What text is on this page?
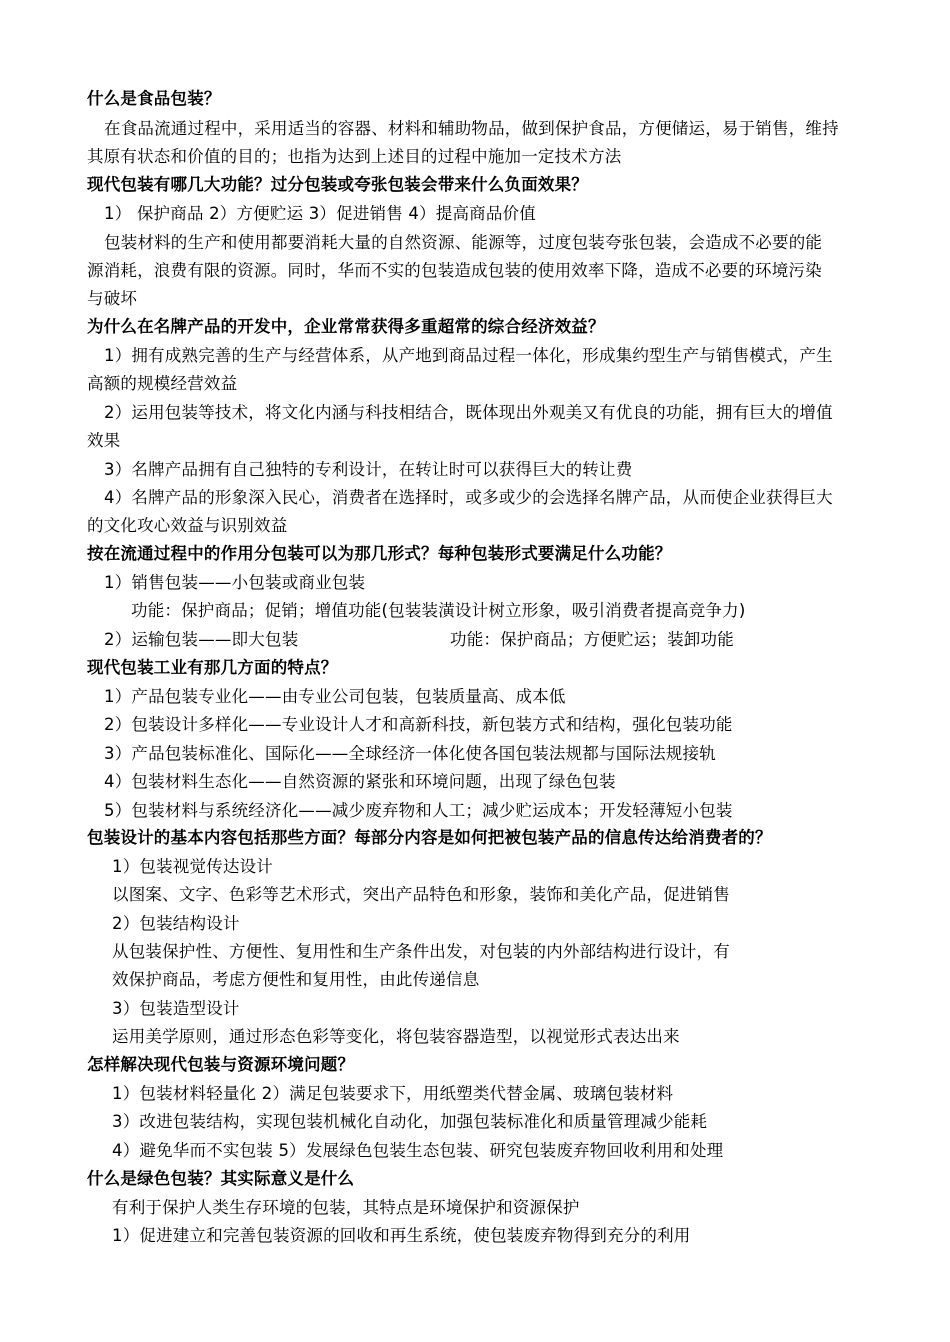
什么是食品包装？
在食品流通过程中，采用适当的容器、材料和辅助物品，做到保护食品，方便储运，易于销售，维持
其原有状态和价值的目的；也指为达到上述目的过程中施加一定技术方法
现代包装有哪几大功能？过分包装或夸张包装会带来什么负面效果？
1） 保护商品 2）方便贮运 3）促进销售 4）提高商品价值
包装材料的生产和使用都要消耗大量的自然资源、能源等，过度包装夸张包装，会造成不必要的能
源消耗，浪费有限的资源。同时，华而不实的包装造成包装的使用效率下降，造成不必要的环境污染
与破坏
为什么在名牌产品的开发中，企业常常获得多重超常的综合经济效益？
1）拥有成熟完善的生产与经营体系，从产地到商品过程一体化，形成集约型生产与销售模式，产生
高额的规模经营效益
2）运用包装等技术，将文化内涵与科技相结合，既体现出外观美又有优良的功能，拥有巨大的增值
效果
3）名牌产品拥有自己独特的专利设计，在转让时可以获得巨大的转让费
4）名牌产品的形象深入民心，消费者在选择时，或多或少的会选择名牌产品，从而使企业获得巨大
的文化攻心效益与识别效益
按在流通过程中的作用分包装可以为那几形式？每种包装形式要满足什么功能？
1）销售包装——小包装或商业包装
功能：保护商品；促销；增值功能(包装装潢设计树立形象，吸引消费者提高竞争力)
2）运输包装——即大包装	功能：保护商品；方便贮运；装卸功能
现代包装工业有那几方面的特点？
1）产品包装专业化——由专业公司包装，包装质量高、成本低
2）包装设计多样化——专业设计人才和高新科技，新包装方式和结构，强化包装功能
3）产品包装标准化、国际化——全球经济一体化使各国包装法规都与国际法规接轨
4）包装材料生态化——自然资源的紧张和环境问题，出现了绿色包装
5）包装材料与系统经济化——减少废弃物和人工；减少贮运成本；开发轻薄短小包装
包装设计的基本内容包括那些方面？每部分内容是如何把被包装产品的信息传达给消费者的？
1）包装视觉传达设计
以图案、文字、色彩等艺术形式，突出产品特色和形象，装饰和美化产品，促进销售
2）包装结构设计
从包装保护性、方便性、复用性和生产条件出发，对包装的内外部结构进行设计，有
效保护商品，考虑方便性和复用性，由此传递信息
3）包装造型设计
运用美学原则，通过形态色彩等变化，将包装容器造型，以视觉形式表达出来
怎样解决现代包装与资源环境问题？
1）包装材料轻量化 2）满足包装要求下，用纸塑类代替金属、玻璃包装材料
3）改进包装结构，实现包装机械化自动化，加强包装标准化和质量管理减少能耗
4）避免华而不实包装 5）发展绿色包装生态包装、研究包装废弃物回收利用和处理
什么是绿色包装？其实际意义是什么
有利于保护人类生存环境的包装，其特点是环境保护和资源保护
1）促进建立和完善包装资源的回收和再生系统，使包装废弃物得到充分的利用
